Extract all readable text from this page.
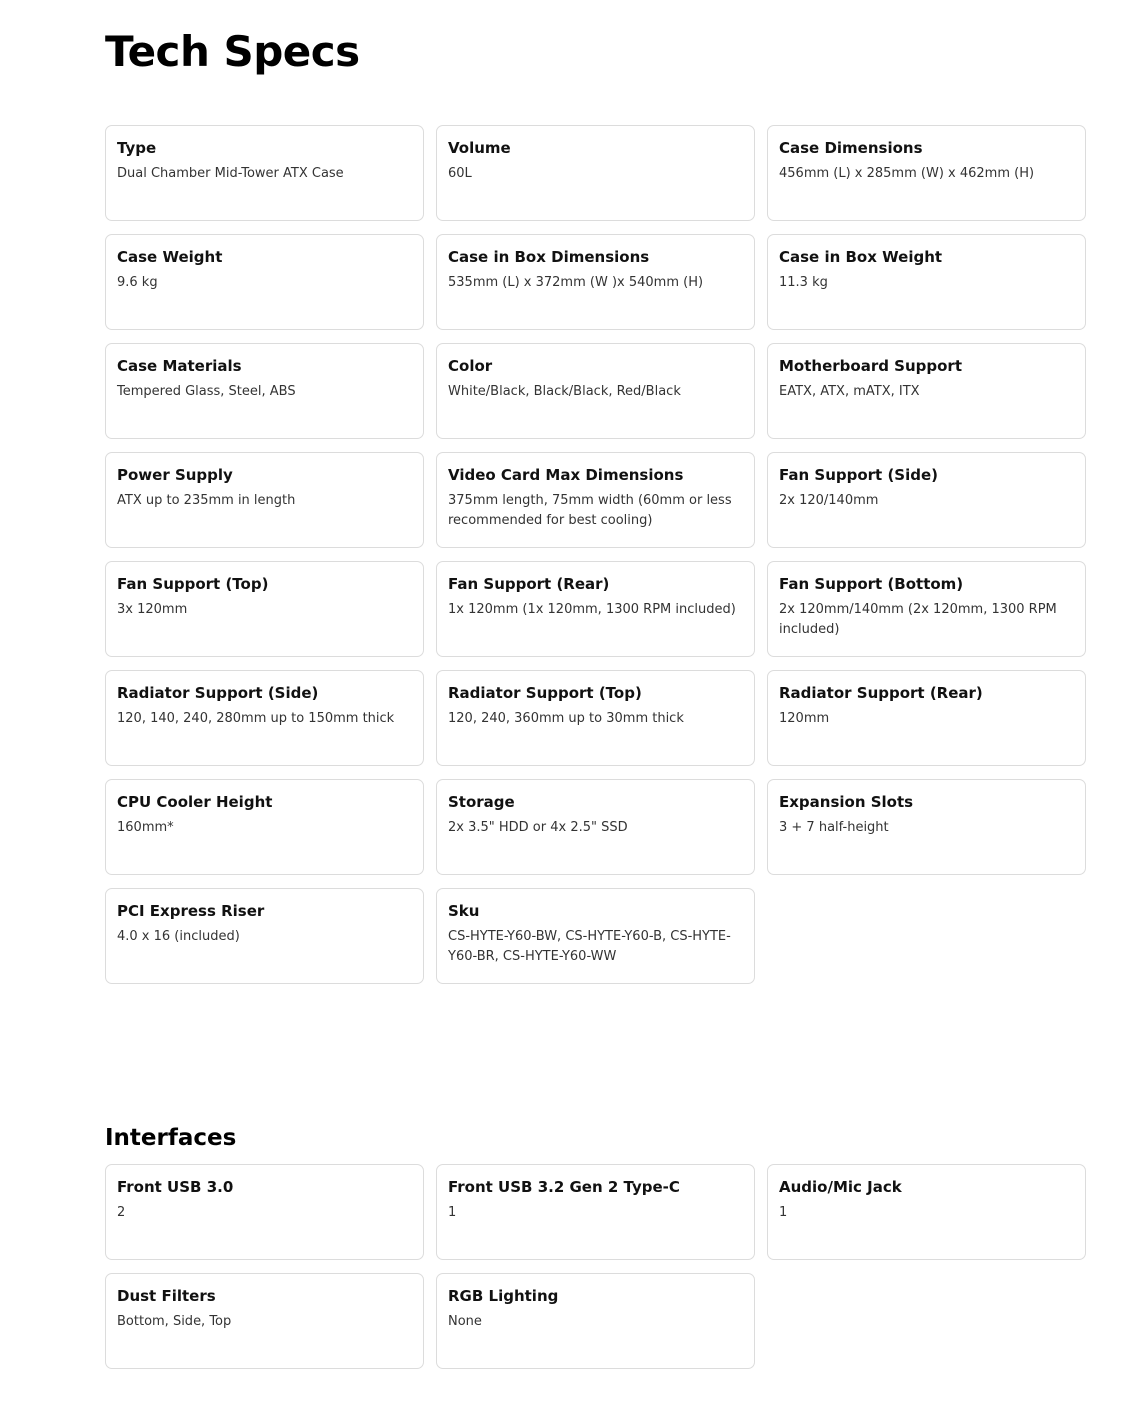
Tech Specs

Type

Dual Chamber Mid-Tower ATX Case

Volume

60L

Case Dimensions

456mm (L) x 285mm (W) x 462mm (H)

Case Weight

9.6 kg

Case in Box Dimensions

535mm (L) x 372mm (W )x 540mm (H)

Case in Box Weight

11.3 kg

Case Materials

Tempered Glass, Steel, ABS

Color

White/Black, Black/Black, Red/Black

Motherboard Support

EATX, ATX, mATX, ITX

Power Supply

ATX up to 235mm in length

Video Card Max Dimensions

375mm length, 75mm width (60mm or less recommended for best cooling)

Fan Support (Side)

2x 120/140mm

Fan Support (Top)

3x 120mm

Fan Support (Rear)

1x 120mm (1x 120mm, 1300 RPM included)

Fan Support (Bottom)

2x 120mm/140mm (2x 120mm, 1300 RPM included)

Radiator Support (Side)

120, 140, 240, 280mm up to 150mm thick

Radiator Support (Top)

120, 240, 360mm up to 30mm thick

Radiator Support (Rear)

120mm

CPU Cooler Height

160mm*

Storage

2x 3.5" HDD or 4x 2.5" SSD

Expansion Slots

3 + 7 half-height

PCI Express Riser

4.0 x 16 (included)

Sku

CS-HYTE-Y60-BW, CS-HYTE-Y60-B, CS-HYTE-Y60-BR, CS-HYTE-Y60-WW

Interfaces

Front USB 3.0

2

Front USB 3.2 Gen 2 Type-C

1

Audio/Mic Jack

1

Dust Filters

Bottom, Side, Top

RGB Lighting

None
